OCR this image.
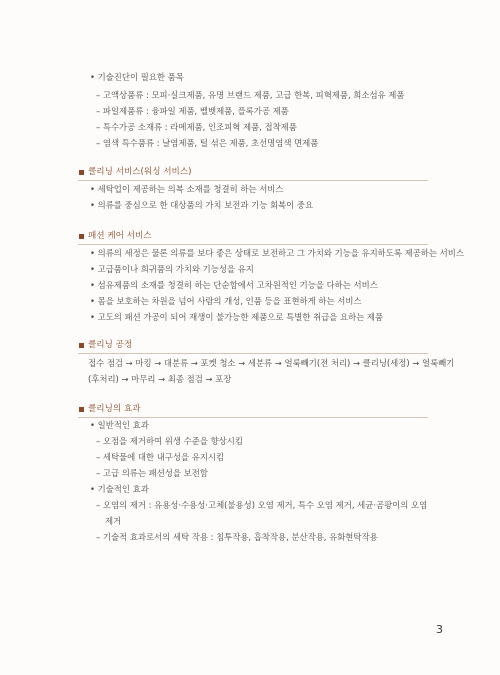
• 기술진단이 필요한 품목
– 고액상품류 : 모피·실크제품, 유명 브랜드 제품, 고급 한복, 피혁제품, 희소섬유 제품
– 파일제품류 : 융파일 제품, 벨벳제품, 플록가공 제품
– 특수가공 소재류 : 라메제품, 인조피혁 제품, 접착제품
– 염색 특수품류 : 날염제품, 털 섞은 제품, 초선명염색 면제품
클리닝 서비스(워싱 서비스)
• 세탁업이 제공하는 의복 소재를 청결히 하는 서비스
• 의류를 중심으로 한 대상품의 가치 보전과 기능 회복이 중요
패션 케어 서비스
• 의류의 세정은 물론 의류를 보다 좋은 상태로 보전하고 그 가치와 기능을 유지하도록 제공하는 서비스
• 고급품이나 희귀품의 가치와 기능성을 유지
• 섬유제품의 소재를 청결히 하는 단순함에서 고차원적인 기능을 다하는 서비스
• 몸을 보호하는 차원을 넘어 사람의 개성, 인품 등을 표현하게 하는 서비스
• 고도의 패션 가공이 되어 재생이 불가능한 제품으로 특별한 취급을 요하는 제품
클리닝 공정
접수 점검 → 마킹 → 대분류 → 포켓 청소 → 세분류 → 얼룩빼기(전 처리) → 클리닝(세정) → 얼룩빼기
(후처리) → 마무리 → 최종 점검 → 포장
클리닝의 효과
• 일반적인 효과
– 오점을 제거하여 위생 수준을 향상시킴
– 세탁물에 대한 내구성을 유지시킴
– 고급 의류는 패션성을 보전함
• 기술적인 효과
– 오염의 제거 : 유용성·수용성·고체(불용성) 오염 제거, 특수 오염 제거, 세균·곰팡이의 오염
제거
– 기술적 효과로서의 세탁 작용 : 침투작용, 흡착작용, 분산작용, 유화현탁작용
3
